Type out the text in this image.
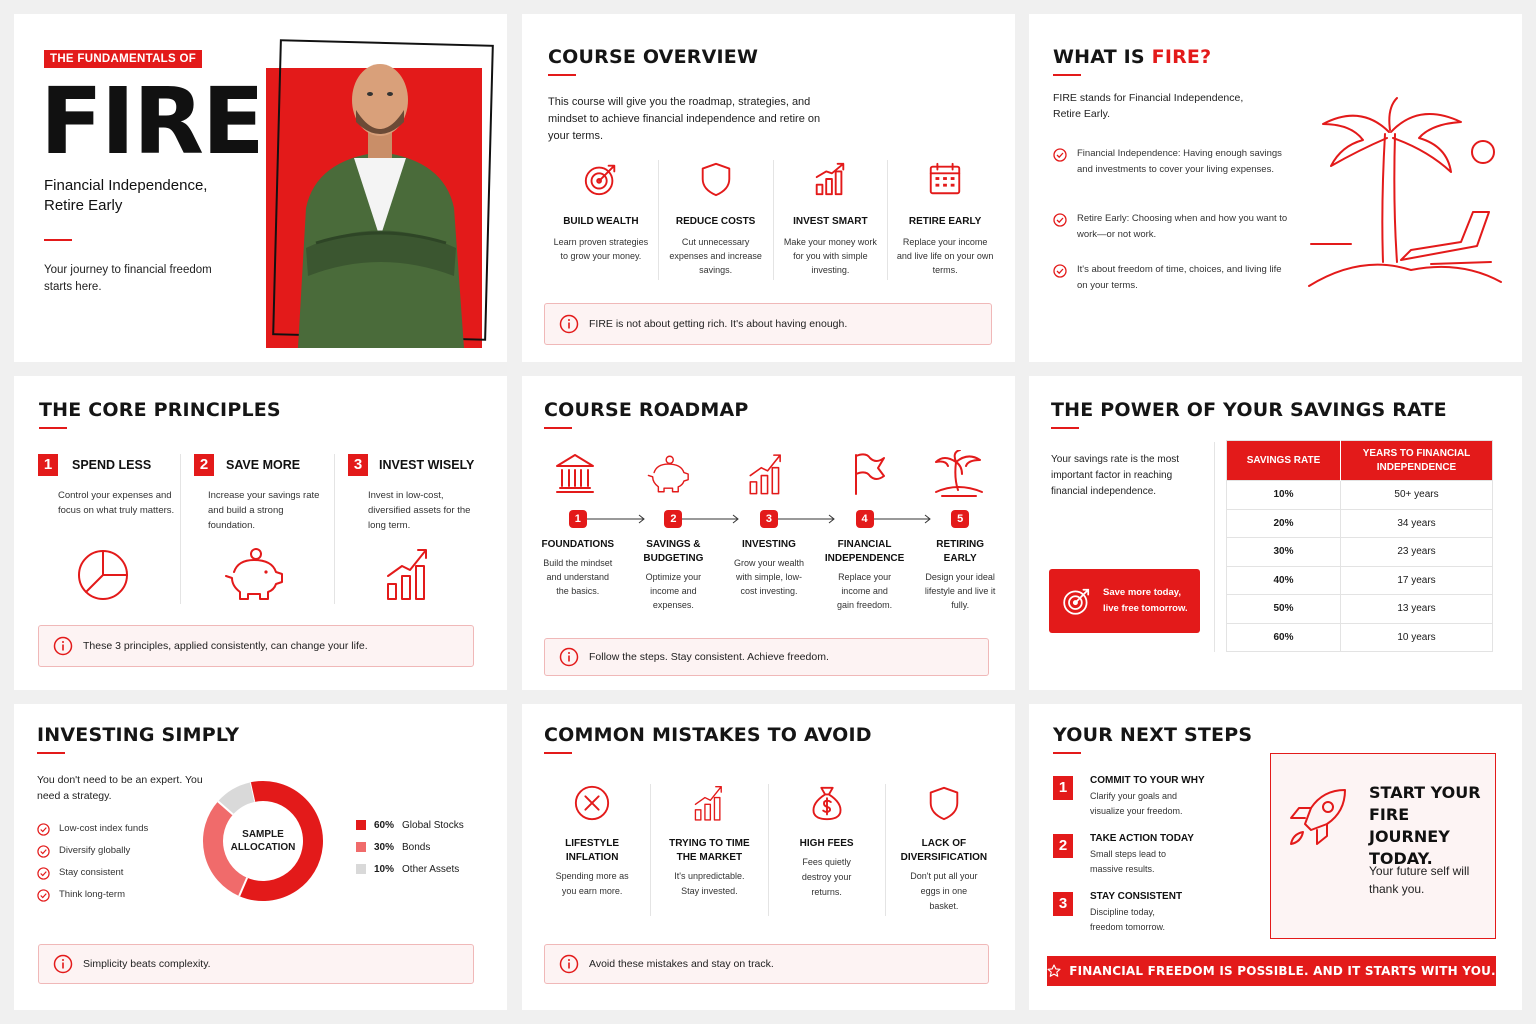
THE FUNDAMENTALS OF
FIRE
Financial Independence, Retire Early
Your journey to financial freedom starts here.
COURSE OVERVIEW
This course will give you the roadmap, strategies, and mindset to achieve financial independence and retire on your terms.
BUILD WEALTH
Learn proven strategies to grow your money.
REDUCE COSTS
Cut unnecessary expenses and increase savings.
INVEST SMART
Make your money work for you with simple investing.
RETIRE EARLY
Replace your income and live life on your own terms.
FIRE is not about getting rich. It's about having enough.
WHAT IS FIRE?
FIRE stands for Financial Independence, Retire Early.
Financial Independence: Having enough savings and investments to cover your living expenses.
Retire Early: Choosing when and how you want to work—or not work.
It's about freedom of time, choices, and living life on your terms.
THE CORE PRINCIPLES
1	SPEND LESS
Control your expenses and focus on what truly matters.
2	SAVE MORE
Increase your savings rate and build a strong foundation.
3	INVEST WISELY
Invest in low-cost, diversified assets for the long term.
These 3 principles, applied consistently, can change your life.
COURSE ROADMAP
1
FOUNDATIONS
Build the mindset and understand the basics.
2
SAVINGS & BUDGETING
Optimize your income and expenses.
3
INVESTING
Grow your wealth with simple, low-cost investing.
4
FINANCIAL INDEPENDENCE
Replace your income and gain freedom.
5
RETIRING EARLY
Design your ideal lifestyle and live it fully.
Follow the steps. Stay consistent. Achieve freedom.
THE POWER OF YOUR SAVINGS RATE
Your savings rate is the most important factor in reaching financial independence.
Save more today, live free tomorrow.
SAVINGS RATE	YEARS TO FINANCIAL INDEPENDENCE
10%	50+ years
20%	34 years
30%	23 years
40%	17 years
50%	13 years
60%	10 years
INVESTING SIMPLY
You don't need to be an expert. You need a strategy.
Low-cost index funds
Diversify globally
Stay consistent
Think long-term
SAMPLE ALLOCATION
60% Global Stocks
30% Bonds
10% Other Assets
Simplicity beats complexity.
COMMON MISTAKES TO AVOID
LIFESTYLE INFLATION
Spending more as you earn more.
TRYING TO TIME THE MARKET
It's unpredictable. Stay invested.
HIGH FEES
Fees quietly destroy your returns.
LACK OF DIVERSIFICATION
Don't put all your eggs in one basket.
Avoid these mistakes and stay on track.
YOUR NEXT STEPS
1	COMMIT TO YOUR WHY
Clarify your goals and visualize your freedom.
2	TAKE ACTION TODAY
Small steps lead to massive results.
3	STAY CONSISTENT
Discipline today, freedom tomorrow.
START YOUR FIRE JOURNEY TODAY.
Your future self will thank you.
FINANCIAL FREEDOM IS POSSIBLE. AND IT STARTS WITH YOU.
